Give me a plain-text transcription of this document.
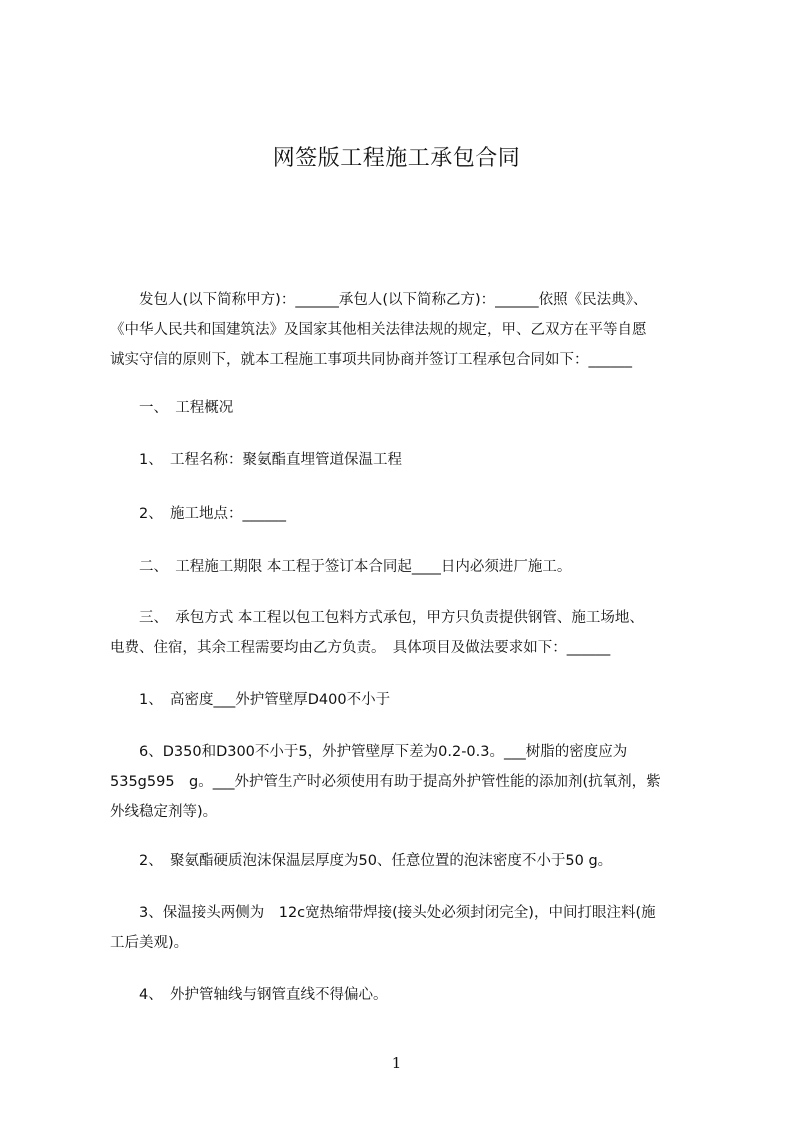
网签版工程施工承包合同
　　发包人(以下简称甲方)：______承包人(以下简称乙方)：______依照《民法典》、
《中华人民共和国建筑法》及国家其他相关法律法规的规定，甲、乙双方在平等自愿
诚实守信的原则下，就本工程施工事项共同协商并签订工程承包合同如下：______
　　一、　工程概况
　　1、　工程名称：聚氨酯直埋管道保温工程
　　2、　施工地点：______
　　二、　工程施工期限 本工程于签订本合同起____日内必须进厂施工。
　　三、　承包方式 本工程以包工包料方式承包，甲方只负责提供钢管、施工场地、
电费、住宿，其余工程需要均由乙方负责。　具体项目及做法要求如下：______
　　1、　高密度___外护管壁厚D400不小于
　　6、D350和D300不小于5，外护管壁厚下差为0.2-0.3。___树脂的密度应为
535g595　g。___外护管生产时必须使用有助于提高外护管性能的添加剂(抗氧剂，紫
外线稳定剂等)。
　　2、　聚氨酯硬质泡沫保温层厚度为50、任意位置的泡沫密度不小于50 g。
　　3、保温接头两侧为　12c宽热缩带焊接(接头处必须封闭完全)，中间打眼注料(施
工后美观)。
　　4、　外护管轴线与钢管直线不得偏心。
1
